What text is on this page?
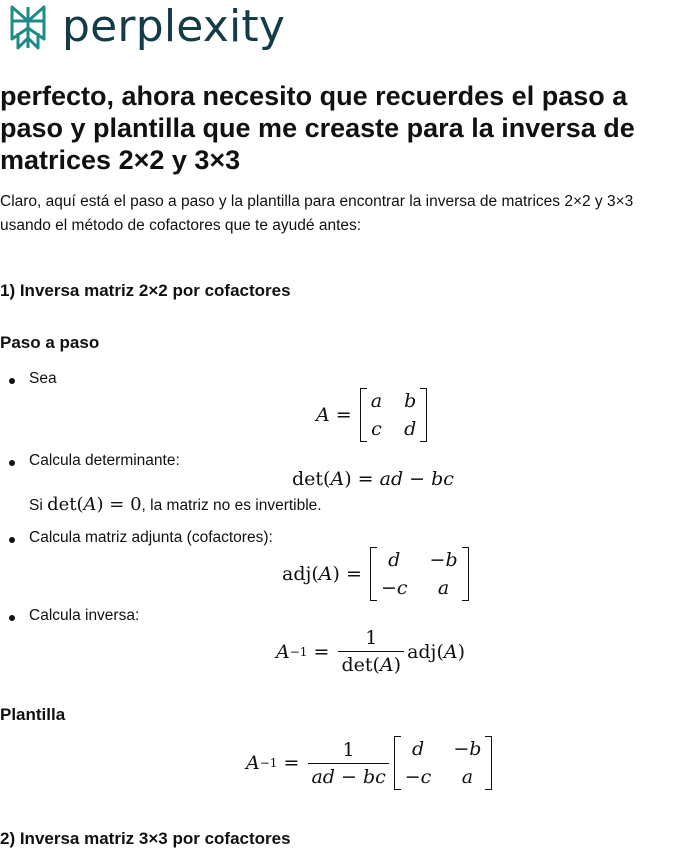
perplexity
perfecto, ahora necesito que recuerdes el paso a paso y plantilla que me creaste para la inversa de matrices 2×2 y 3×3

Claro, aquí está el paso a paso y la plantilla para encontrar la inversa de matrices 2×2 y 3×3 usando el método de cofactores que te ayudé antes:

1) Inversa matriz 2×2 por cofactores
Paso a paso
Sea
A =
a b
c d
Calcula determinante:
det( A ) = ad − bc
Si det(A) = 0, la matriz no es invertible.
Calcula matriz adjunta (cofactores):
adj( A ) =
d	−b
−c	a
Calcula inversa:
$A -1 = \frac{1}{\det(A)} adj$( A )
Plantilla
$A -1 = \frac{1}{ad - bc}$	d	−b
−c	a
2) Inversa matriz 3×3 por cofactores
